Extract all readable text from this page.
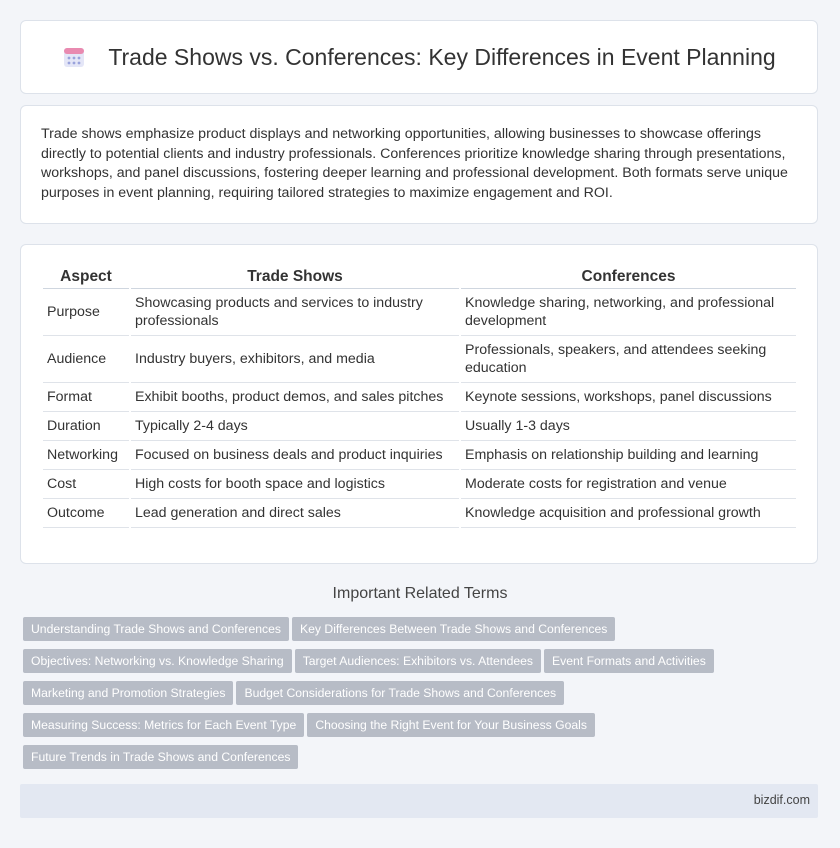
Trade Shows vs. Conferences: Key Differences in Event Planning

Trade shows emphasize product displays and networking opportunities, allowing businesses to showcase offerings directly to potential clients and industry professionals. Conferences prioritize knowledge sharing through presentations, workshops, and panel discussions, fostering deeper learning and professional development. Both formats serve unique purposes in event planning, requiring tailored strategies to maximize engagement and ROI.

Aspect	Trade Shows	Conferences
Purpose	Showcasing products and services to industry professionals	Knowledge sharing, networking, and professional development
Audience	Industry buyers, exhibitors, and media	Professionals, speakers, and attendees seeking education
Format	Exhibit booths, product demos, and sales pitches	Keynote sessions, workshops, panel discussions
Duration	Typically 2-4 days	Usually 1-3 days
Networking	Focused on business deals and product inquiries	Emphasis on relationship building and learning
Cost	High costs for booth space and logistics	Moderate costs for registration and venue
Outcome	Lead generation and direct sales	Knowledge acquisition and professional growth
Important Related Terms
Understanding Trade Shows and Conferences Key Differences Between Trade Shows and Conferences
Objectives: Networking vs. Knowledge Sharing Target Audiences: Exhibitors vs. Attendees Event Formats and Activities
Marketing and Promotion Strategies Budget Considerations for Trade Shows and Conferences
Measuring Success: Metrics for Each Event Type Choosing the Right Event for Your Business Goals
Future Trends in Trade Shows and Conferences
bizdif.com
